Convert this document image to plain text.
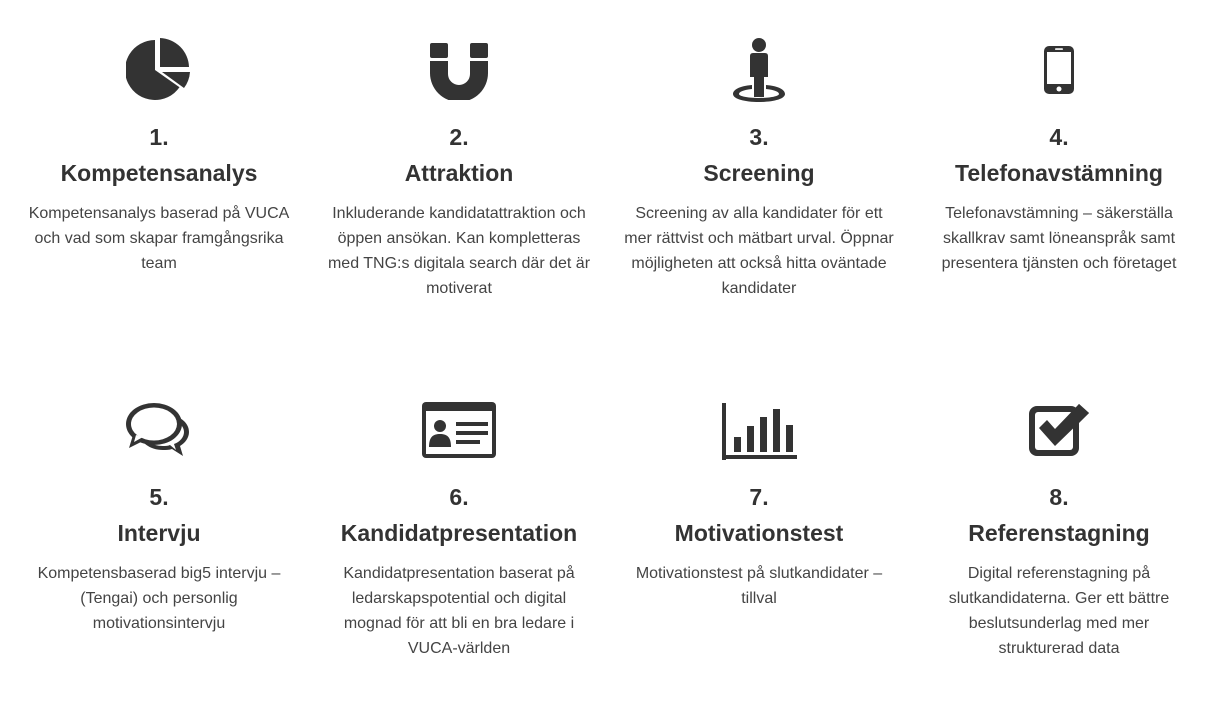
1.
Kompetensanalys
Kompetensanalys baserad på VUCA och vad som skapar framgångsrika team
2.
Attraktion
Inkluderande kandidatattraktion och öppen ansökan. Kan kompletteras med TNG:s digitala search där det är motiverat
3.
Screening
Screening av alla kandidater för ett mer rättvist och mätbart urval. Öppnar möjligheten att också hitta oväntade kandidater
4.
Telefonavstämning
Telefonavstämning – säkerställa skallkrav samt löneanspråk samt presentera tjänsten och företaget
5.
Intervju
Kompetensbaserad big5 intervju – (Tengai) och personlig motivationsintervju
6.
Kandidatpresentation
Kandidatpresentation baserat på ledarskapspotential och digital mognad för att bli en bra ledare i VUCA-världen
7.
Motivationstest
Motivationstest på slutkandidater – tillval
8.
Referenstagning
Digital referenstagning på slutkandidaterna. Ger ett bättre beslutsunderlag med mer strukturerad data
